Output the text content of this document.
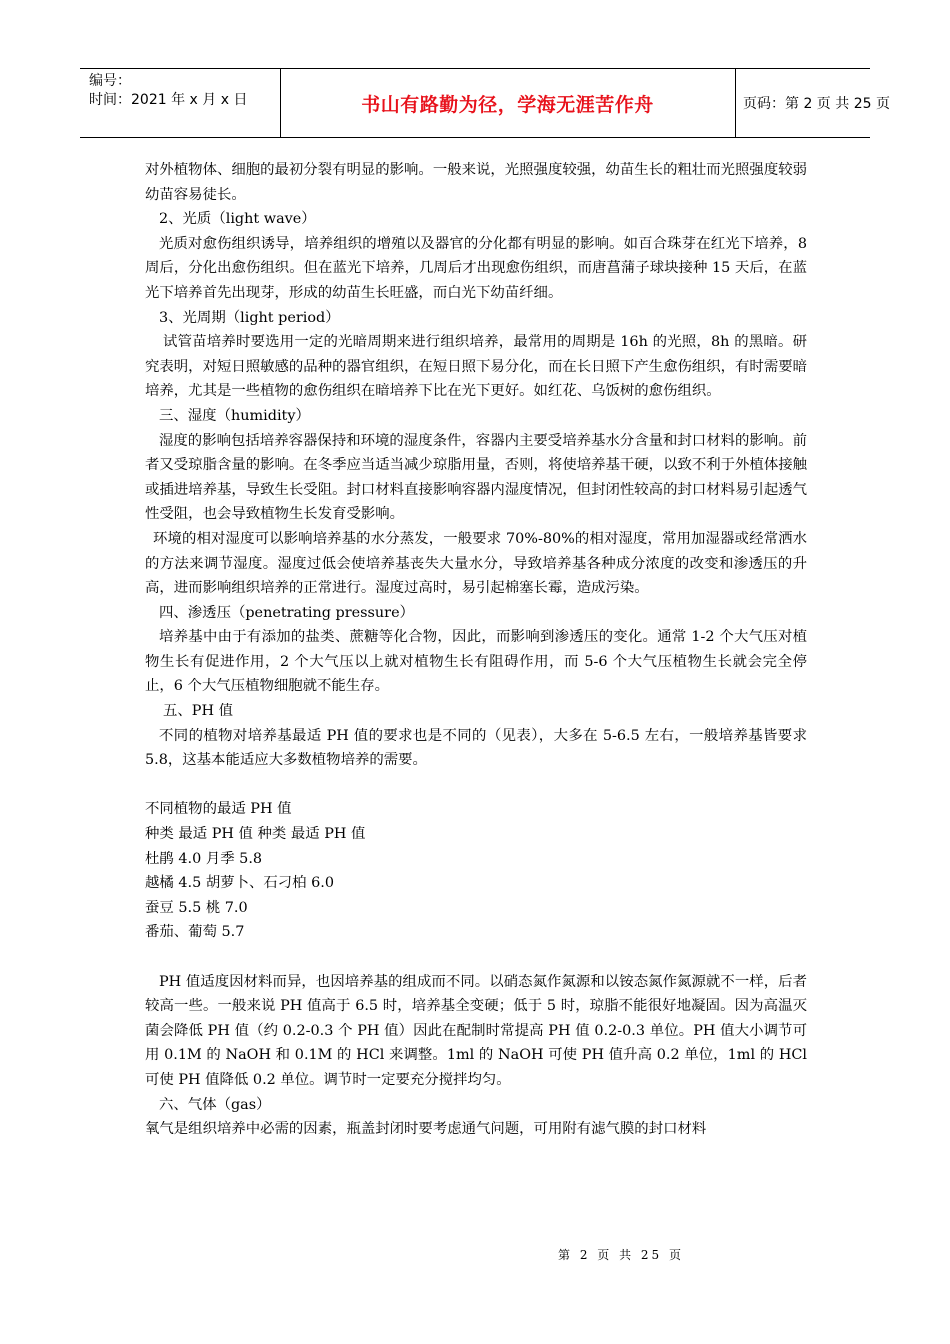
编号：
时间：2021 年 x 月 x 日	书山有路勤为径，学海无涯苦作舟	页码：第 2 页 共 25 页

对外植物体、细胞的最初分裂有明显的影响。一般来说，光照强度较强，幼苗生长的粗壮而光照强度较弱幼苗容易徒长。

2、光质（light wave）

光质对愈伤组织诱导，培养组织的增殖以及器官的分化都有明显的影响。如百合珠芽在红光下培养，8 周后，分化出愈伤组织。但在蓝光下培养，几周后才出现愈伤组织，而唐菖蒲子球块接种 15 天后，在蓝光下培养首先出现芽，形成的幼苗生长旺盛，而白光下幼苗纤细。

3、光周期（light period）

试管苗培养时要选用一定的光暗周期来进行组织培养，最常用的周期是 16h 的光照，8h 的黑暗。研究表明，对短日照敏感的品种的器官组织，在短日照下易分化，而在长日照下产生愈伤组织，有时需要暗培养，尤其是一些植物的愈伤组织在暗培养下比在光下更好。如红花、乌饭树的愈伤组织。

三、湿度（humidity）

湿度的影响包括培养容器保持和环境的湿度条件，容器内主要受培养基水分含量和封口材料的影响。前者又受琼脂含量的影响。在冬季应当适当减少琼脂用量，否则，将使培养基干硬，以致不利于外植体接触或插进培养基，导致生长受阻。封口材料直接影响容器内湿度情况，但封闭性较高的封口材料易引起透气性受阻，也会导致植物生长发育受影响。

环境的相对湿度可以影响培养基的水分蒸发，一般要求 70%-80%的相对湿度，常用加湿器或经常洒水的方法来调节湿度。湿度过低会使培养基丧失大量水分，导致培养基各种成分浓度的改变和渗透压的升高，进而影响组织培养的正常进行。湿度过高时，易引起棉塞长霉，造成污染。

四、渗透压（penetrating pressure）

培养基中由于有添加的盐类、蔗糖等化合物，因此，而影响到渗透压的变化。通常 1-2 个大气压对植物生长有促进作用，2 个大气压以上就对植物生长有阻碍作用，而 5-6 个大气压植物生长就会完全停止，6 个大气压植物细胞就不能生存。

五、PH 值

不同的植物对培养基最适 PH 值的要求也是不同的（见表），大多在 5-6.5 左右，一般培养基皆要求 5.8，这基本能适应大多数植物培养的需要。

不同植物的最适 PH 值

种类 最适 PH 值 种类 最适 PH 值

杜鹃 4.0 月季 5.8

越橘 4.5 胡萝卜、石刁柏 6.0

蚕豆 5.5 桃 7.0

番茄、葡萄 5.7

PH 值适度因材料而异，也因培养基的组成而不同。以硝态氮作氮源和以铵态氮作氮源就不一样，后者较高一些。一般来说 PH 值高于 6.5 时，培养基全变硬；低于 5 时，琼脂不能很好地凝固。因为高温灭菌会降低 PH 值（约 0.2-0.3 个 PH 值）因此在配制时常提高 PH 值 0.2-0.3 单位。PH 值大小调节可用 0.1M 的 NaOH 和 0.1M 的 HCl 来调整。1ml 的 NaOH 可使 PH 值升高 0.2 单位，1ml 的 HCl 可使 PH 值降低 0.2 单位。调节时一定要充分搅拌均匀。

六、气体（gas）

氧气是组织培养中必需的因素，瓶盖封闭时要考虑通气问题，可用附有滤气膜的封口材料

第 2 页 共 25 页
